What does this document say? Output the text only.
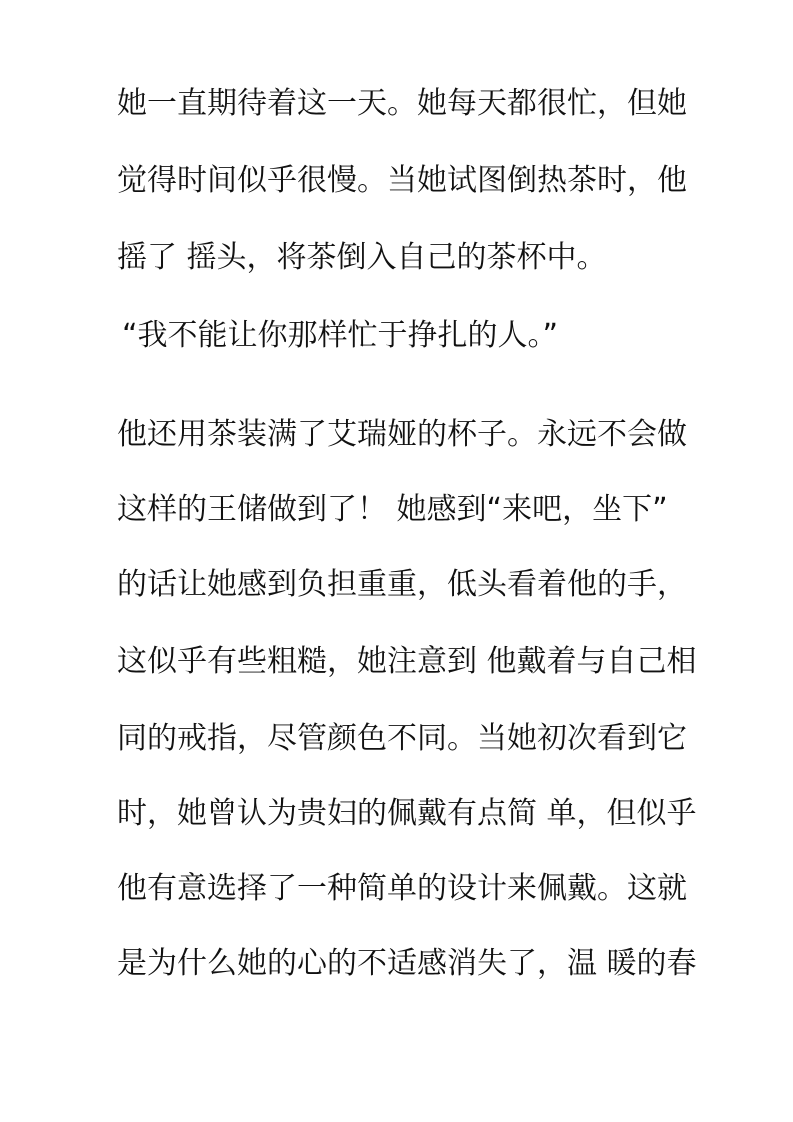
她一直期待着这一天。她每天都很忙，但她
觉得时间似乎很慢。当她试图倒热茶时，他
摇了 摇头，将茶倒入自己的茶杯中。
“我不能让你那样忙于挣扎的人。”
他还用茶装满了艾瑞娅的杯子。永远不会做
这样的王储做到了！ 她感到“来吧，坐下”
的话让她感到负担重重，低头看着他的手，
这似乎有些粗糙，她注意到 他戴着与自己相
同的戒指，尽管颜色不同。当她初次看到它
时，她曾认为贵妇的佩戴有点简 单，但似乎
他有意选择了一种简单的设计来佩戴。这就
是为什么她的心的不适感消失了，温 暖的春
